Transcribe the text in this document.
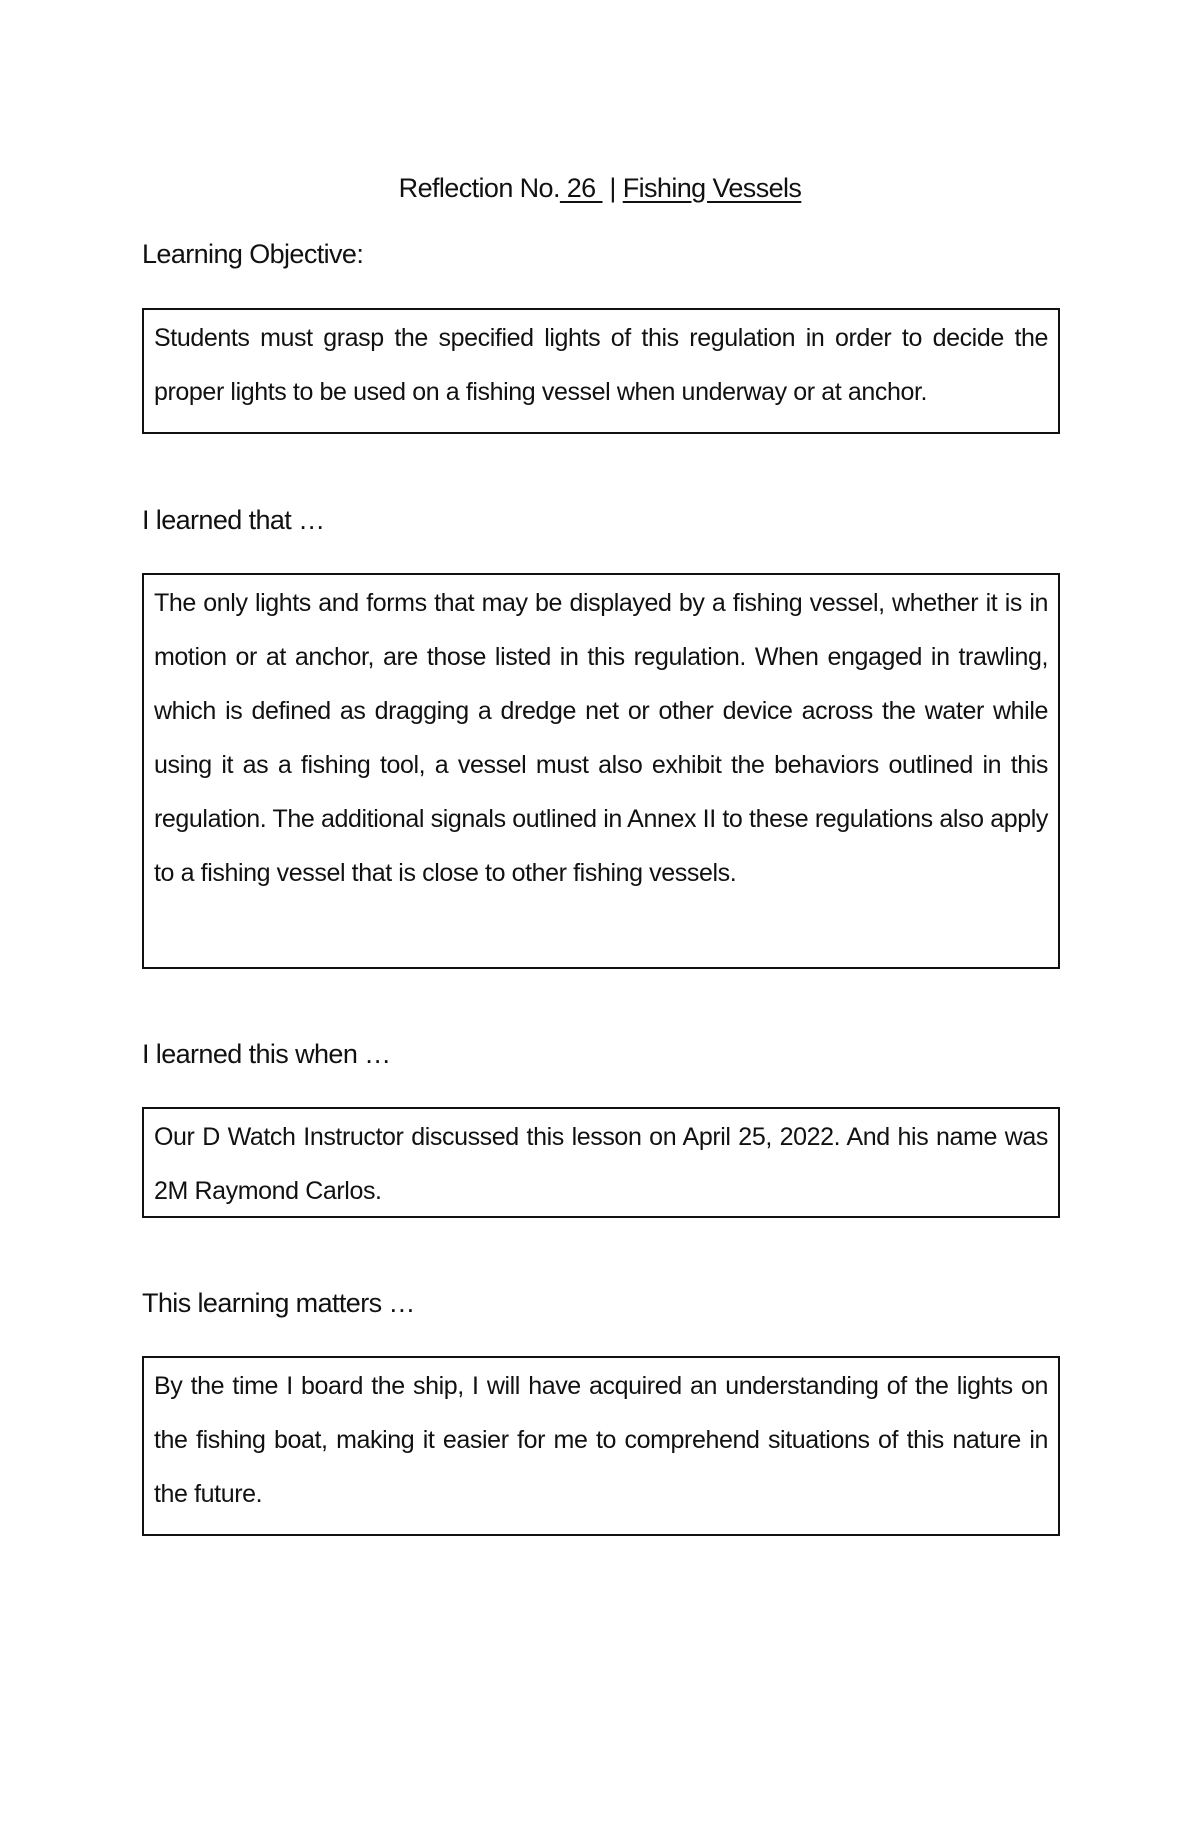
Reflection No. 26  | Fishing Vessels
Learning Objective:

Students must grasp the specified lights of this regulation in order to decide the proper lights to be used on a fishing vessel when underway or at anchor.

I learned that …

The only lights and forms that may be displayed by a fishing vessel, whether it is in motion or at anchor, are those listed in this regulation. When engaged in trawling, which is defined as dragging a dredge net or other device across the water while using it as a fishing tool, a vessel must also exhibit the behaviors outlined in this regulation. The additional signals outlined in Annex II to these regulations also apply to a fishing vessel that is close to other fishing vessels.

I learned this when …

Our D Watch Instructor discussed this lesson on April 25, 2022. And his name was 2M Raymond Carlos.

This learning matters …

By the time I board the ship, I will have acquired an understanding of the lights on the fishing boat, making it easier for me to comprehend situations of this nature in the future.
